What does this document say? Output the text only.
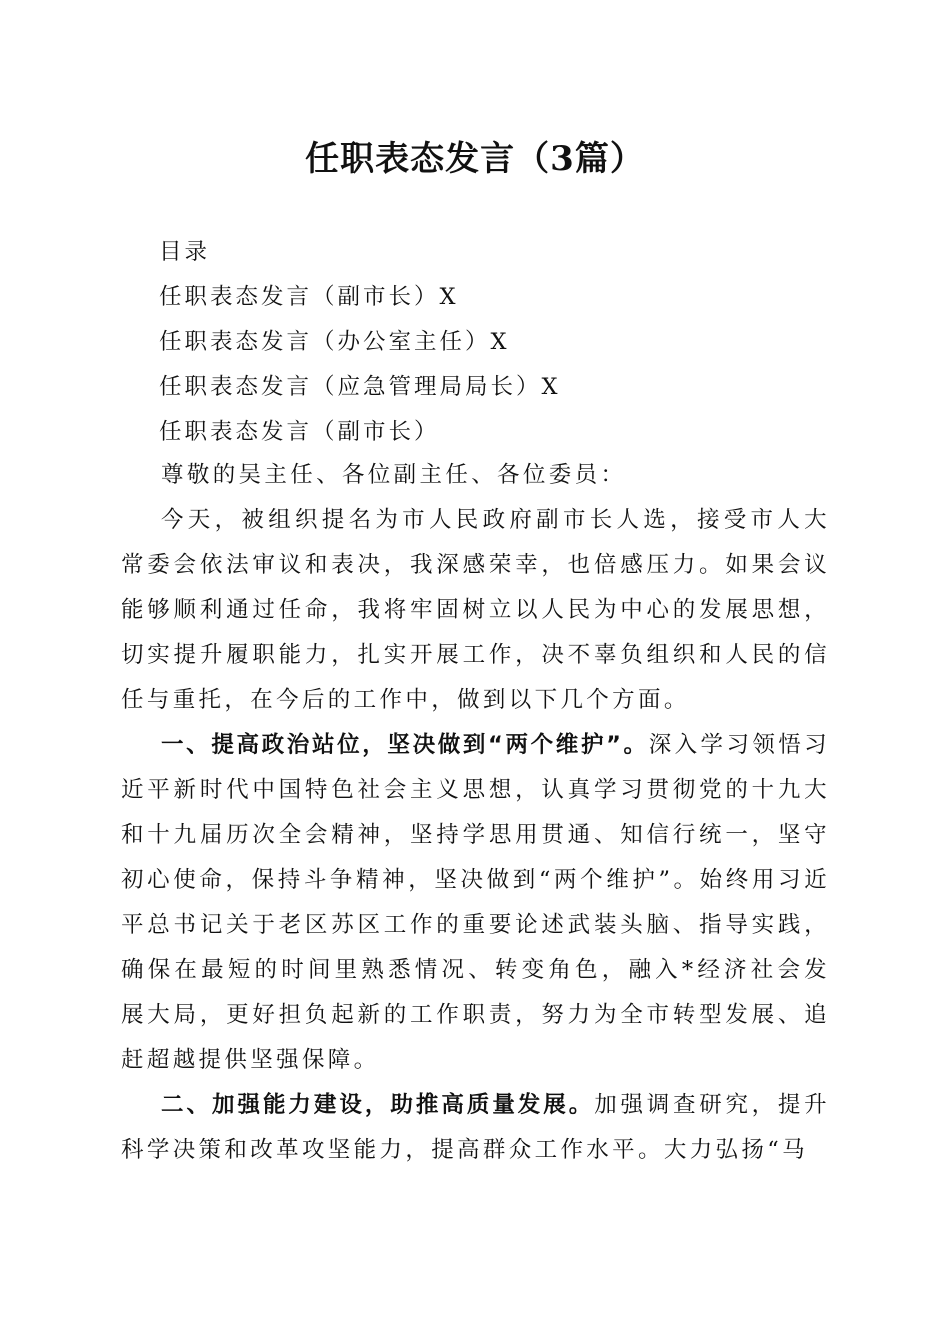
任职表态发言（3篇）
目录
任职表态发言（副市长）X
任职表态发言（办公室主任）X
任职表态发言（应急管理局局长）X
任职表态发言（副市长）

尊敬的吴主任、各位副主任、各位委员：

今天，被组织提名为市人民政府副市长人选，接受市人大常委会依法审议和表决，我深感荣幸，也倍感压力。如果会议能够顺利通过任命，我将牢固树立以人民为中心的发展思想，切实提升履职能力，扎实开展工作，决不辜负组织和人民的信任与重托，在今后的工作中，做到以下几个方面。

一、提高政治站位，坚决做到“两个维护”。深入学习领悟习近平新时代中国特色社会主义思想，认真学习贯彻党的十九大和十九届历次全会精神，坚持学思用贯通、知信行统一，坚守初心使命，保持斗争精神，坚决做到“两个维护”。始终用习近平总书记关于老区苏区工作的重要论述武装头脑、指导实践，确保在最短的时间里熟悉情况、转变角色，融入*经济社会发展大局，更好担负起新的工作职责，努力为全市转型发展、追赶超越提供坚强保障。

二、加强能力建设，助推高质量发展。加强调查研究，提升科学决策和改革攻坚能力，提高群众工作水平。大力弘扬“马
